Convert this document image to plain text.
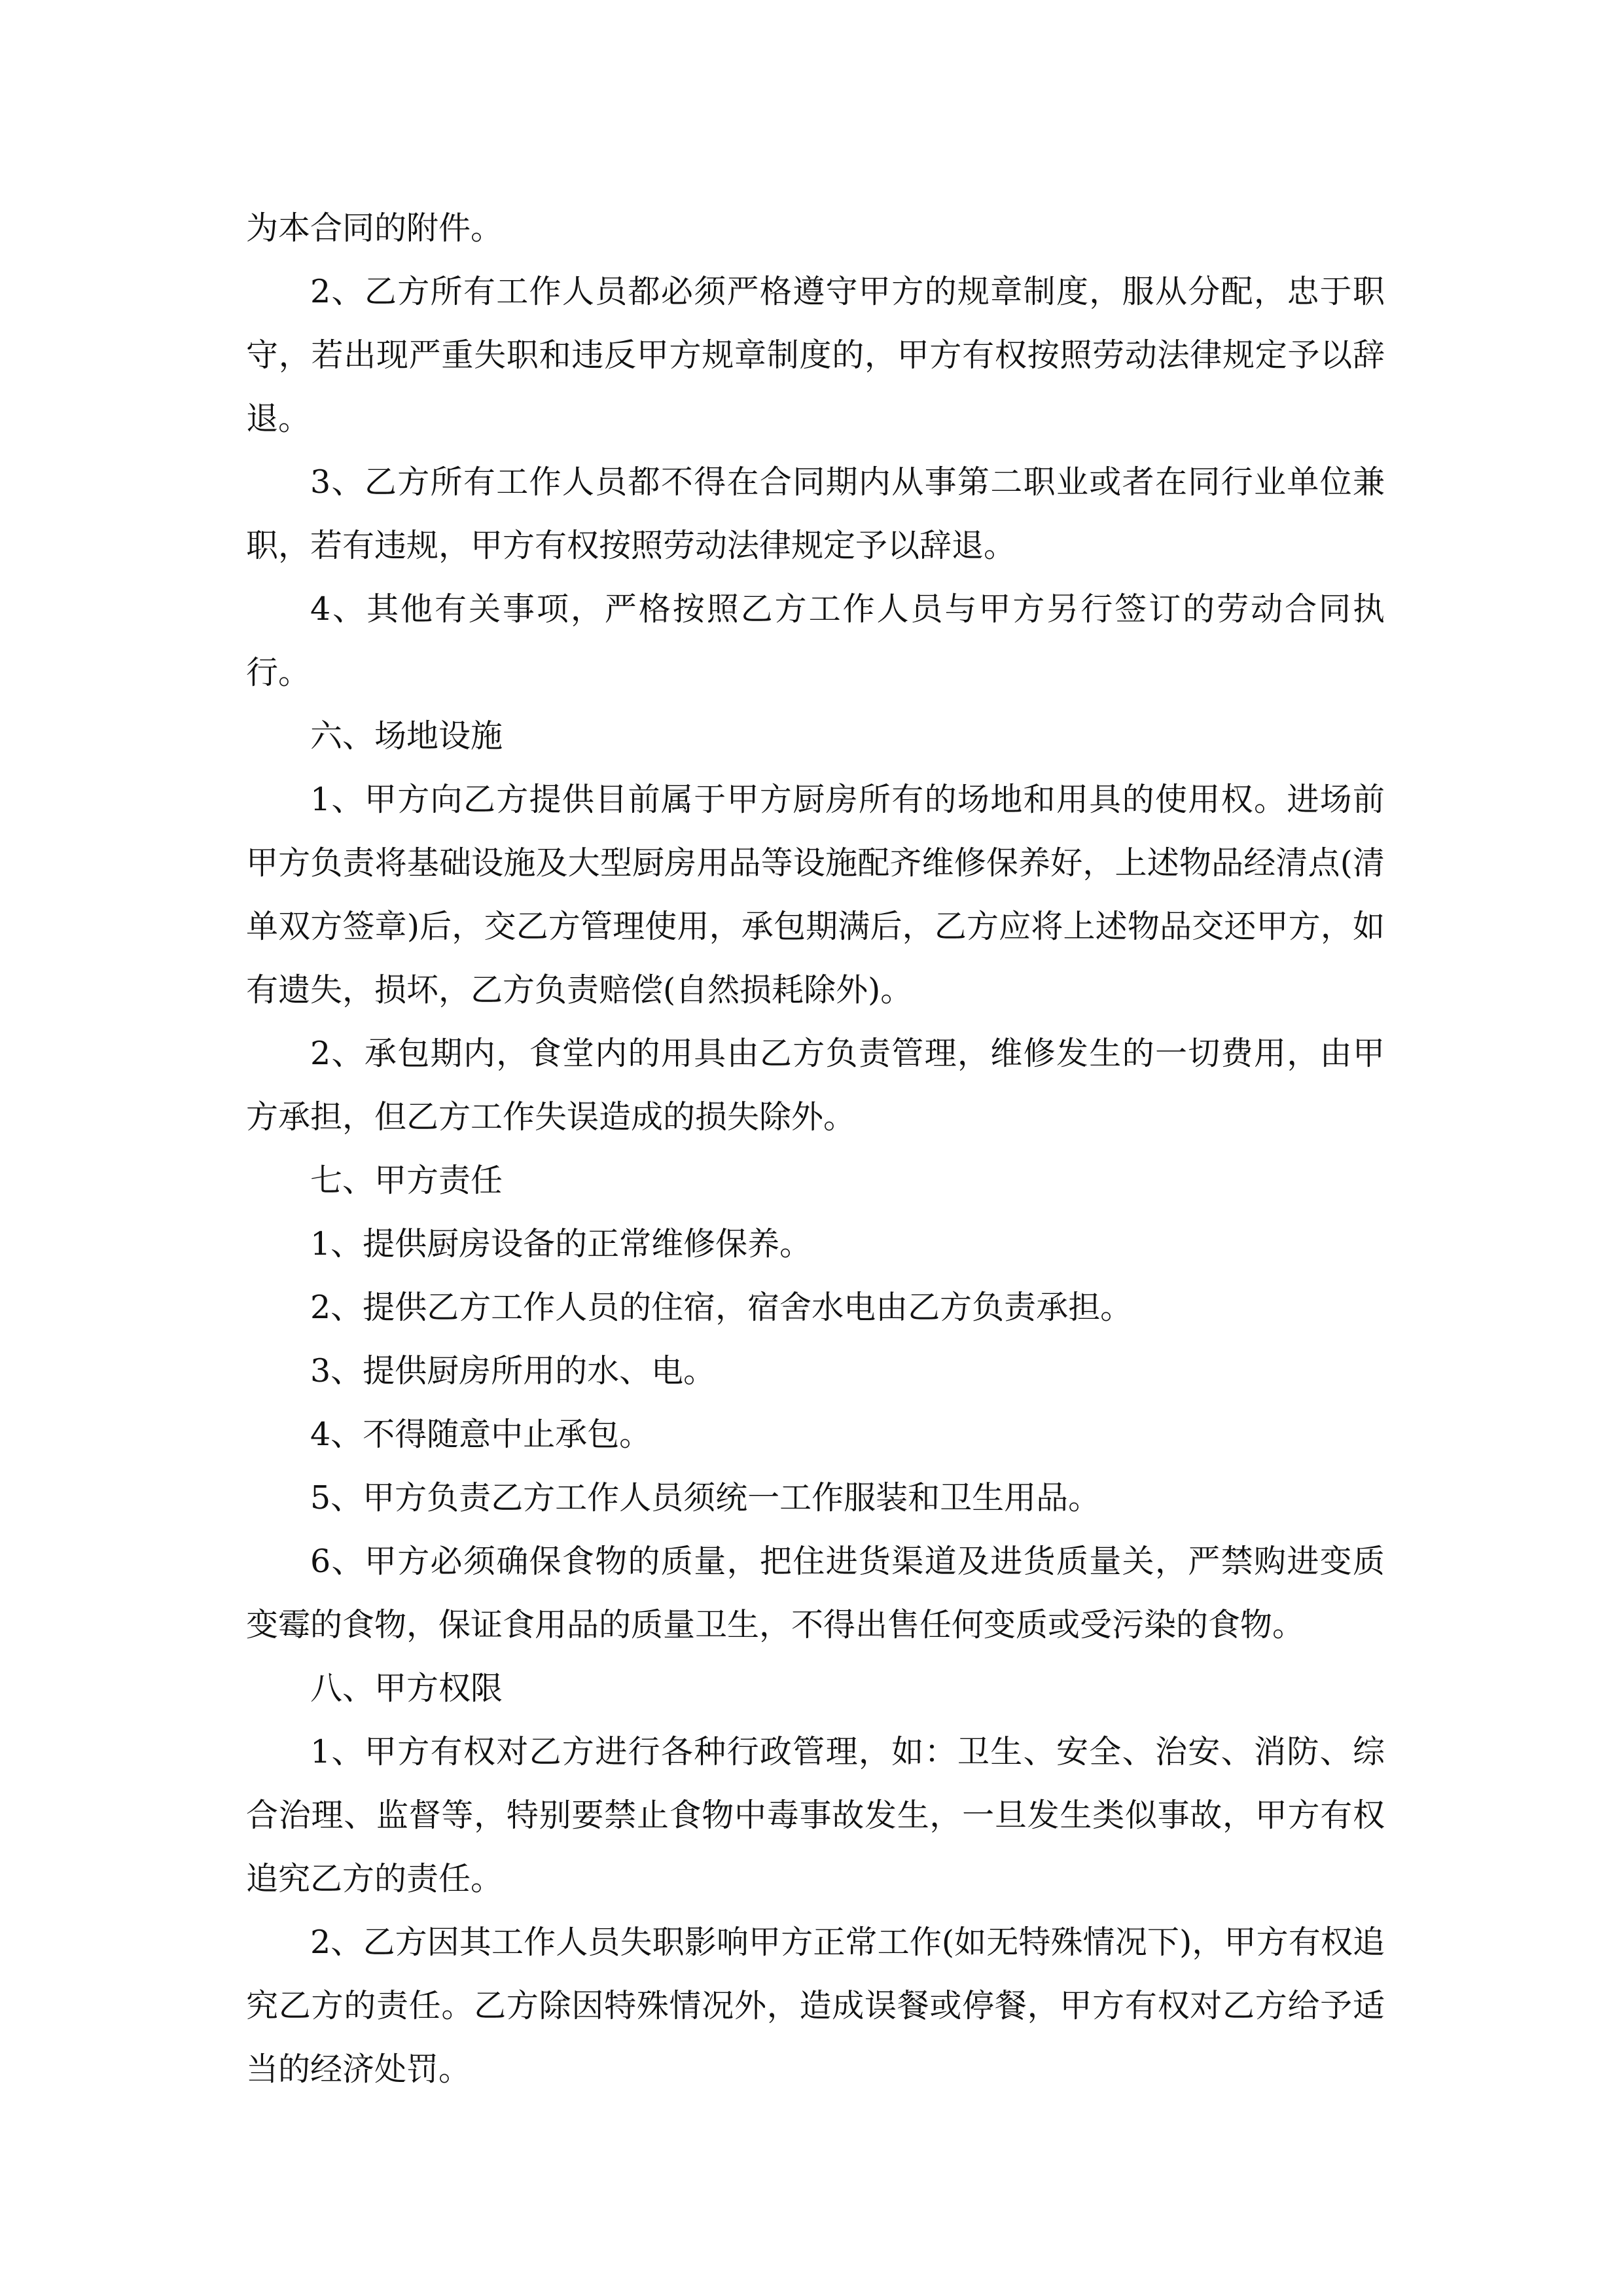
为本合同的附件。

2、乙方所有工作人员都必须严格遵守甲方的规章制度，服从分配，忠于职守，若出现严重失职和违反甲方规章制度的，甲方有权按照劳动法律规定予以辞退。

3、乙方所有工作人员都不得在合同期内从事第二职业或者在同行业单位兼职，若有违规，甲方有权按照劳动法律规定予以辞退。

4、其他有关事项，严格按照乙方工作人员与甲方另行签订的劳动合同执行。

六、场地设施

1、甲方向乙方提供目前属于甲方厨房所有的场地和用具的使用权。进场前甲方负责将基础设施及大型厨房用品等设施配齐维修保养好，上述物品经清点(清单双方签章)后，交乙方管理使用，承包期满后，乙方应将上述物品交还甲方，如有遗失，损坏，乙方负责赔偿(自然损耗除外)。

2、承包期内，食堂内的用具由乙方负责管理，维修发生的一切费用，由甲方承担，但乙方工作失误造成的损失除外。

七、甲方责任

1、提供厨房设备的正常维修保养。

2、提供乙方工作人员的住宿，宿舍水电由乙方负责承担。

3、提供厨房所用的水、电。

4、不得随意中止承包。

5、甲方负责乙方工作人员须统一工作服装和卫生用品。

6、甲方必须确保食物的质量，把住进货渠道及进货质量关，严禁购进变质变霉的食物，保证食用品的质量卫生，不得出售任何变质或受污染的食物。

八、甲方权限

1、甲方有权对乙方进行各种行政管理，如：卫生、安全、治安、消防、综合治理、监督等，特别要禁止食物中毒事故发生，一旦发生类似事故，甲方有权追究乙方的责任。

2、乙方因其工作人员失职影响甲方正常工作(如无特殊情况下)，甲方有权追究乙方的责任。乙方除因特殊情况外，造成误餐或停餐，甲方有权对乙方给予适当的经济处罚。
